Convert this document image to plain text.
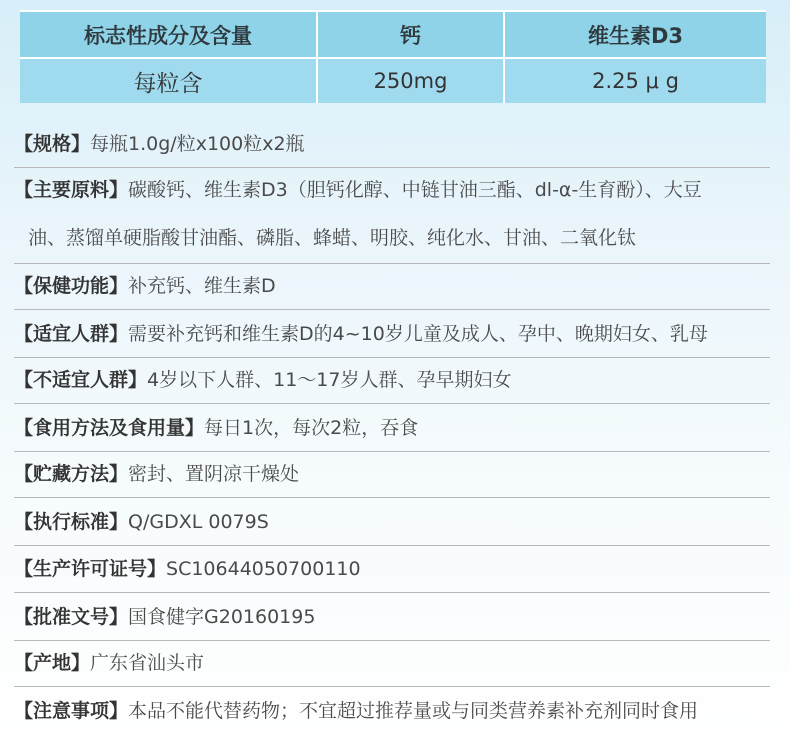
标志性成分及含量	钙	维生素D3
每粒含	250mg	2.25 μ g
【规格】每瓶1.0g/粒x100粒x2瓶
【保健功能】补充钙、维生素D
【适宜人群】需要补充钙和维生素D的4~10岁儿童及成人、孕中、晚期妇女、乳母
【不适宜人群】4岁以下人群、11〜17岁人群、孕早期妇女
【食用方法及食用量】每日1次，每次2粒，吞食
【贮藏方法】密封、置阴凉干燥处
【执行标准】Q/GDXL 0079S
【生产许可证号】SC10644050700110
【批准文号】国食健字G20160195
【产地】广东省汕头市
【注意事项】本品不能代替药物；不宜超过推荐量或与同类营养素补充剂同时食用
【主要原料】碳酸钙、维生素D3（胆钙化醇、中链甘油三酯、dl-α-生育酚）、大豆
油、蒸馏单硬脂酸甘油酯、磷脂、蜂蜡、明胶、纯化水、甘油、二氧化钛
